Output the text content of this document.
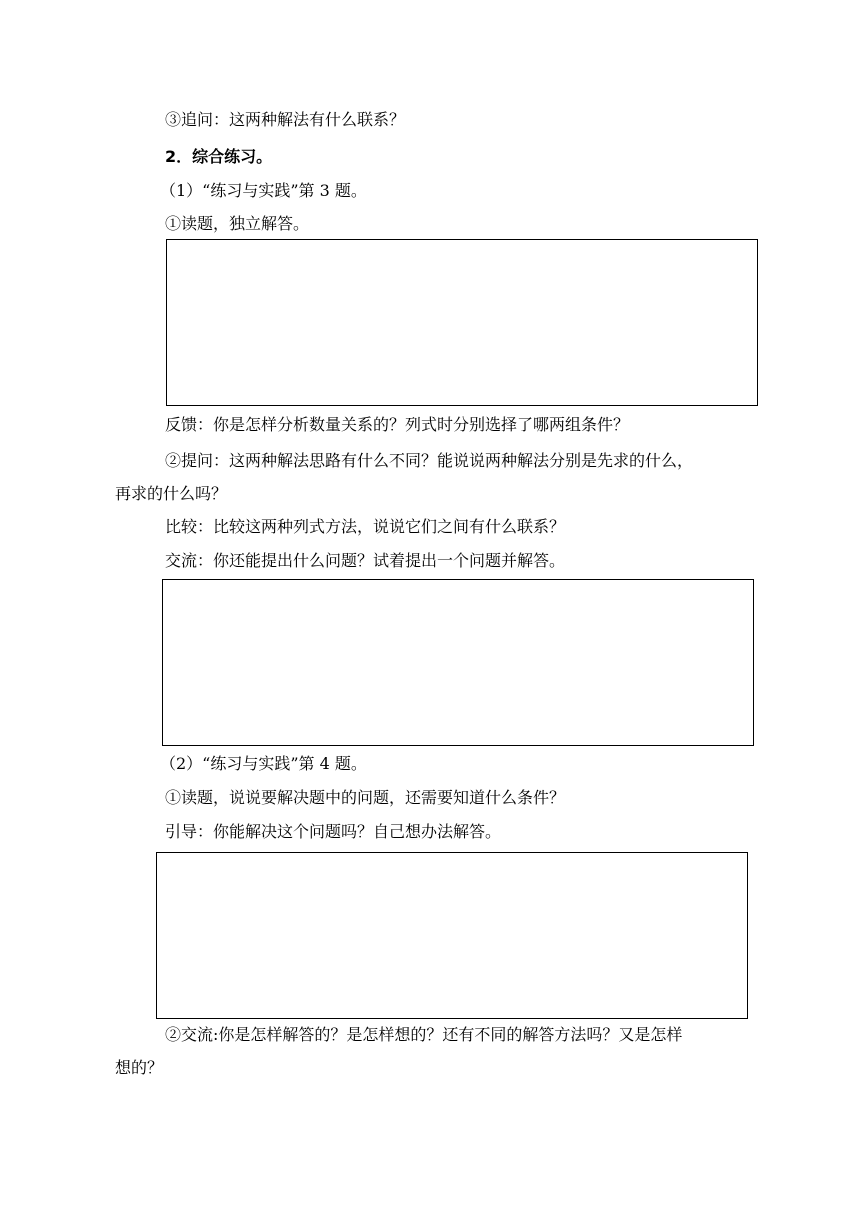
③追问：这两种解法有什么联系？
2．综合练习。
（1）“练习与实践”第 3 题。
①读题，独立解答。
反馈：你是怎样分析数量关系的？列式时分别选择了哪两组条件？
②提问：这两种解法思路有什么不同？能说说两种解法分别是先求的什么，
再求的什么吗？
比较：比较这两种列式方法，说说它们之间有什么联系？
交流：你还能提出什么问题？试着提出一个问题并解答。
（2）“练习与实践”第 4 题。
①读题，说说要解决题中的问题，还需要知道什么条件？
引导：你能解决这个问题吗？自己想办法解答。
②交流:你是怎样解答的？是怎样想的？还有不同的解答方法吗？又是怎样
想的？
